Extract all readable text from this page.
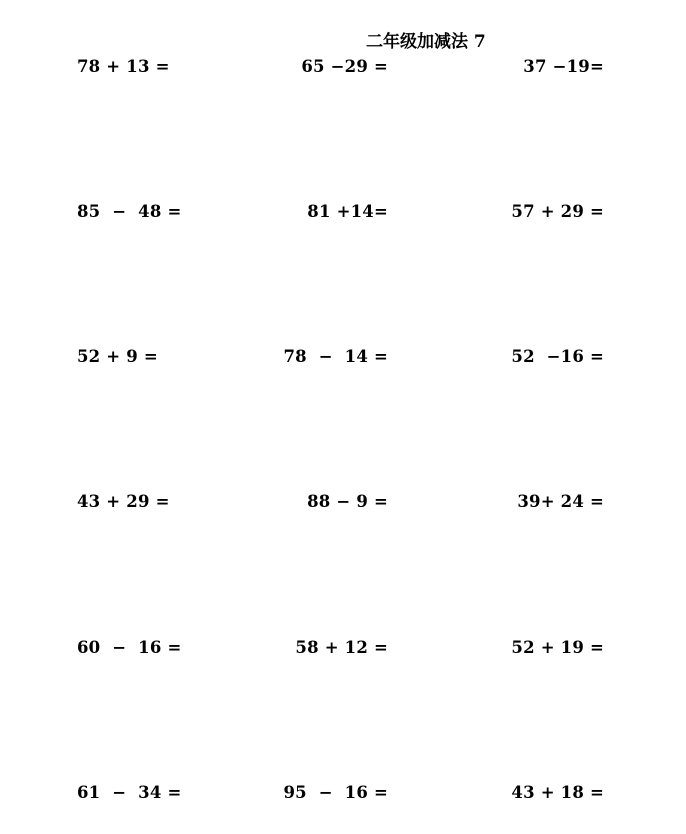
二年级加减法 7
78 + 13 =	65 −29 =	37 −19=
85  −  48 =	81 +14=	57 + 29 =
52 + 9 =	78  −  14 =	52  −16 =
43 + 29 =	88 − 9 =	39+ 24 =
60  −  16 =	58 + 12 =	52 + 19 =
61  −  34 =	95  −  16 =	43 + 18 =
